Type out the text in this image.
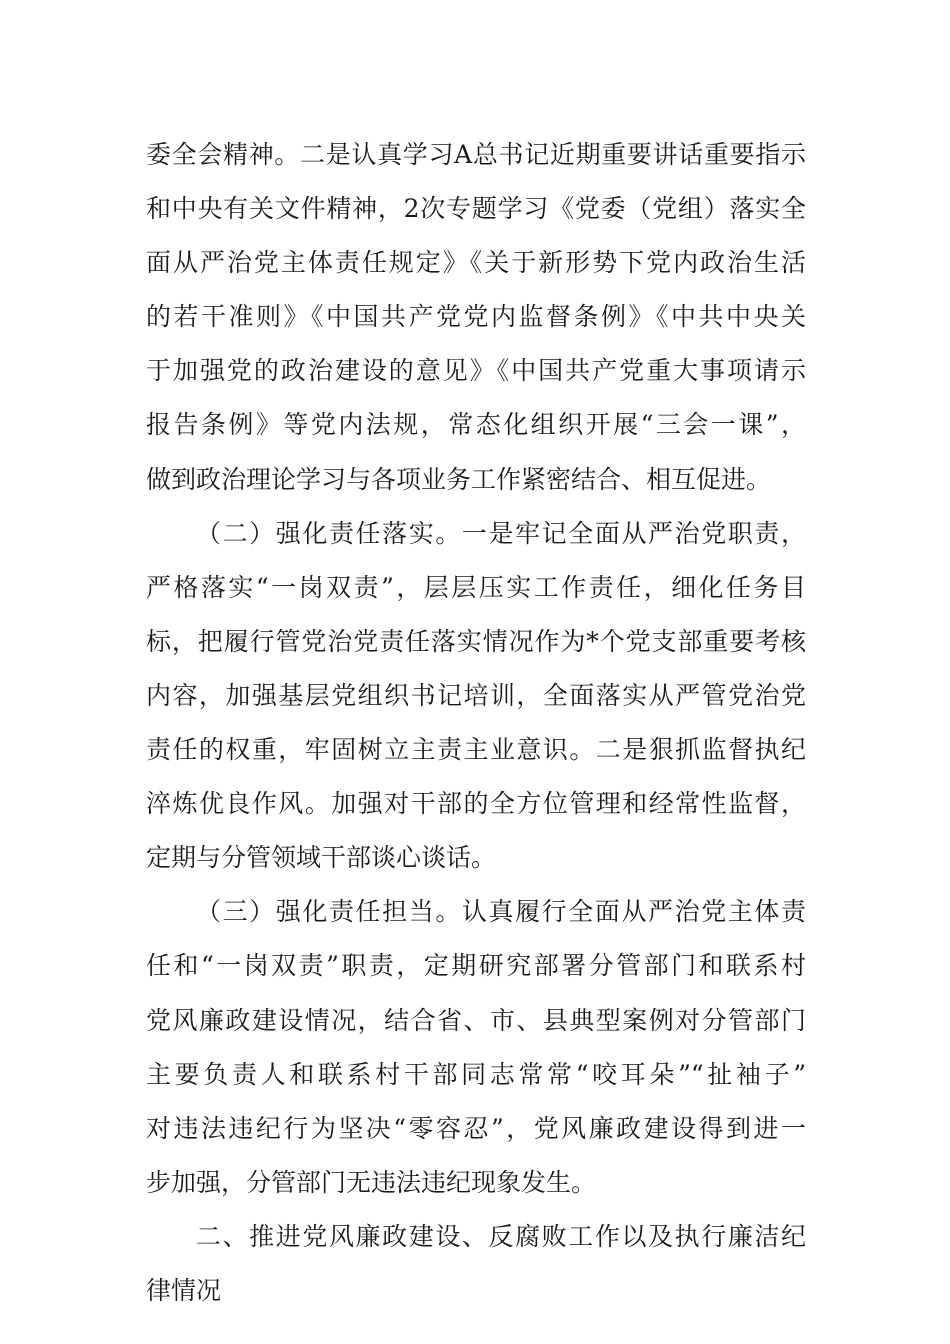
委全会精神。二是认真学习A总书记近期重要讲话重要指示
和中央有关文件精神，2次专题学习《党委（党组）落实全
面从严治党主体责任规定》《关于新形势下党内政治生活
的若干准则》《中国共产党党内监督条例》《中共中央关
于加强党的政治建设的意见》《中国共产党重大事项请示
报告条例》等党内法规，常态化组织开展“三会一课”，
做到政治理论学习与各项业务工作紧密结合、相互促进。
（二）强化责任落实。一是牢记全面从严治党职责，
严格落实“一岗双责”，层层压实工作责任，细化任务目
标，把履行管党治党责任落实情况作为*个党支部重要考核
内容，加强基层党组织书记培训，全面落实从严管党治党
责任的权重，牢固树立主责主业意识。二是狠抓监督执纪
淬炼优良作风。加强对干部的全方位管理和经常性监督，
定期与分管领域干部谈心谈话。
（三）强化责任担当。认真履行全面从严治党主体责
任和“一岗双责”职责，定期研究部署分管部门和联系村
党风廉政建设情况，结合省、市、县典型案例对分管部门
主要负责人和联系村干部同志常常“咬耳朵”“扯袖子”
对违法违纪行为坚决“零容忍”，党风廉政建设得到进一
步加强，分管部门无违法违纪现象发生。
二、推进党风廉政建设、反腐败工作以及执行廉洁纪
律情况
